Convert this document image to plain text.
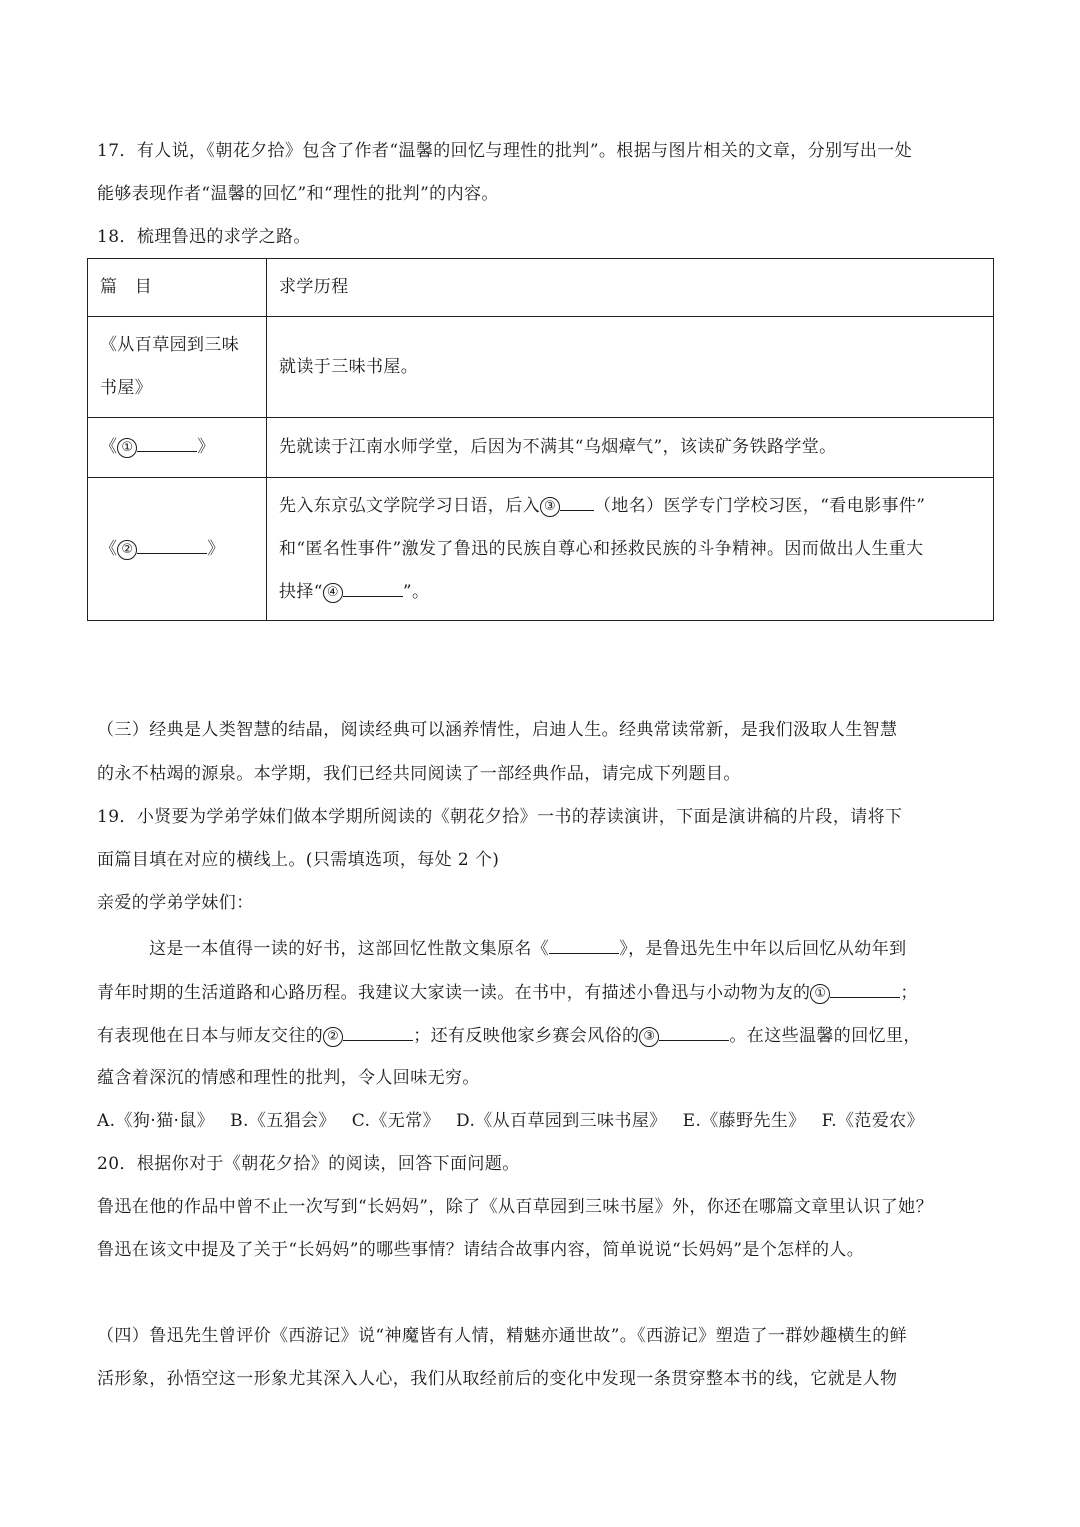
17．有人说，《朝花夕拾》包含了作者“温馨的回忆与理性的批判”。根据与图片相关的文章，分别写出一处
能够表现作者“温馨的回忆”和“理性的批判”的内容。
18．梳理鲁迅的求学之路。
篇　目	求学历程

《从百草园到三味
书屋》	就读于三味书屋。
《 ① 》	先就读于江南水师学堂，后因为不满其“乌烟瘴气”，该读矿务铁路学堂。
《 ② 》	先入东京弘文学院学习日语，后入 ③ （地名）医学专门学校习医，“看电影事件”
和“匿名性事件”激发了鲁迅的民族自尊心和拯救民族的斗争精神。因而做出人生重大
抉择“ ④ ”。
（三）经典是人类智慧的结晶，阅读经典可以涵养情性，启迪人生。经典常读常新，是我们汲取人生智慧
的永不枯竭的源泉。本学期，我们已经共同阅读了一部经典作品，请完成下列题目。
19．小贤要为学弟学妹们做本学期所阅读的《朝花夕拾》一书的荐读演讲，下面是演讲稿的片段，请将下
面篇目填在对应的横线上。(只需填选项，每处 2 个)
亲爱的学弟学妹们：
这是一本值得一读的好书，这部回忆性散文集原名《	》，是鲁迅先生中年以后回忆从幼年到
青年时期的生活道路和心路历程。我建议大家读一读。在书中，有描述小鲁迅与小动物为友的 ①	；
有表现他在日本与师友交往的 ②	；还有反映他家乡赛会风俗的 ③	。在这些温馨的回忆里，
蕴含着深沉的情感和理性的批判，令人回味无穷。
A.《狗·猫·鼠》 B.《五猖会》 C.《无常》 D.《从百草园到三味书屋》 E.《藤野先生》 F.《范爱农》
20．根据你对于《朝花夕拾》的阅读，回答下面问题。
鲁迅在他的作品中曾不止一次写到“长妈妈”，除了《从百草园到三味书屋》外，你还在哪篇文章里认识了她？
鲁迅在该文中提及了关于“长妈妈”的哪些事情？请结合故事内容，简单说说“长妈妈”是个怎样的人。
（四）鲁迅先生曾评价《西游记》说“神魔皆有人情，精魅亦通世故”。《西游记》塑造了一群妙趣横生的鲜
活形象，孙悟空这一形象尤其深入人心，我们从取经前后的变化中发现一条贯穿整本书的线，它就是人物
